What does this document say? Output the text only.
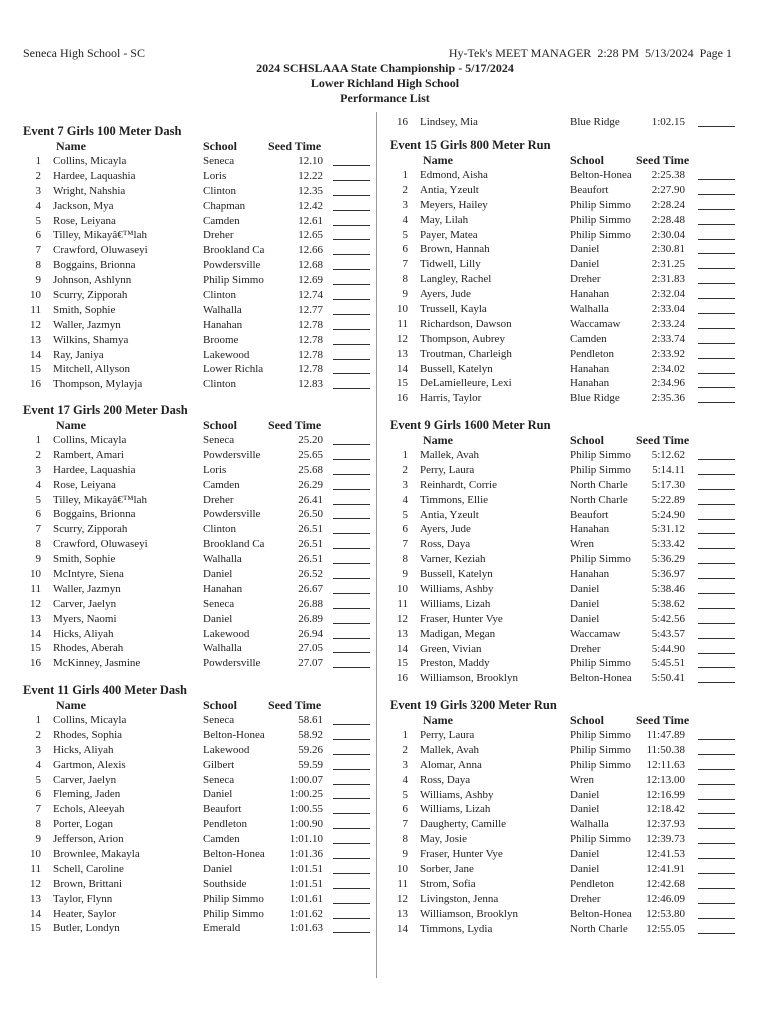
Seneca High School - SC	Hy-Tek's MEET MANAGER  2:28 PM  5/13/2024  Page 1
2024 SCHSLAAA State Championship - 5/17/2024
Lower Richland High School
Performance List
Event 7 Girls 100 Meter Dash
Name	School	Seed Time
1 Collins, Micayla	Seneca	12.10
2 Hardee, Laquashia	Loris	12.22
3 Wright, Nahshia	Clinton	12.35
4 Jackson, Mya	Chapman	12.42
5 Rose, Leiyana	Camden	12.61
6 Tilley, Mikayâ€™lah	Dreher	12.65
7 Crawford, Oluwaseyi	Brookland Ca	12.66
8 Boggains, Brionna	Powdersville	12.68
9 Johnson, Ashlynn	Philip Simmo	12.69
10 Scurry, Zipporah	Clinton	12.74
11 Smith, Sophie	Walhalla	12.77
12 Waller, Jazmyn	Hanahan	12.78
13 Wilkins, Shamya	Broome	12.78
14 Ray, Janiya	Lakewood	12.78
15 Mitchell, Allyson	Lower Richla	12.78
16 Thompson, Mylayja	Clinton	12.83
Event 17 Girls 200 Meter Dash
Name	School	Seed Time
1 Collins, Micayla	Seneca	25.20
2 Rambert, Amari	Powdersville	25.65
3 Hardee, Laquashia	Loris	25.68
4 Rose, Leiyana	Camden	26.29
5 Tilley, Mikayâ€™lah	Dreher	26.41
6 Boggains, Brionna	Powdersville	26.50
7 Scurry, Zipporah	Clinton	26.51
8 Crawford, Oluwaseyi	Brookland Ca	26.51
9 Smith, Sophie	Walhalla	26.51
10 McIntyre, Siena	Daniel	26.52
11 Waller, Jazmyn	Hanahan	26.67
12 Carver, Jaelyn	Seneca	26.88
13 Myers, Naomi	Daniel	26.89
14 Hicks, Aliyah	Lakewood	26.94
15 Rhodes, Aberah	Walhalla	27.05
16 McKinney, Jasmine	Powdersville	27.07
Event 11 Girls 400 Meter Dash
Name	School	Seed Time
1 Collins, Micayla	Seneca	58.61
2 Rhodes, Sophia	Belton-Honea	58.92
3 Hicks, Aliyah	Lakewood	59.26
4 Gartmon, Alexis	Gilbert	59.59
5 Carver, Jaelyn	Seneca	1:00.07
6 Fleming, Jaden	Daniel	1:00.25
7 Echols, Aleeyah	Beaufort	1:00.55
8 Porter, Logan	Pendleton	1:00.90
9 Jefferson, Arion	Camden	1:01.10
10 Brownlee, Makayla	Belton-Honea	1:01.36
11 Schell, Caroline	Daniel	1:01.51
12 Brown, Brittani	Southside	1:01.51
13 Taylor, Flynn	Philip Simmo	1:01.61
14 Heater, Saylor	Philip Simmo	1:01.62
15 Butler, Londyn	Emerald	1:01.63
16 Lindsey, Mia	Blue Ridge	1:02.15
Event 15 Girls 800 Meter Run
Name	School	Seed Time
1 Edmond, Aisha	Belton-Honea	2:25.38
2 Antia, Yzeult	Beaufort	2:27.90
3 Meyers, Hailey	Philip Simmo	2:28.24
4 May, Lilah	Philip Simmo	2:28.48
5 Payer, Matea	Philip Simmo	2:30.04
6 Brown, Hannah	Daniel	2:30.81
7 Tidwell, Lilly	Daniel	2:31.25
8 Langley, Rachel	Dreher	2:31.83
9 Ayers, Jude	Hanahan	2:32.04
10 Trussell, Kayla	Walhalla	2:33.04
11 Richardson, Dawson	Waccamaw	2:33.24
12 Thompson, Aubrey	Camden	2:33.74
13 Troutman, Charleigh	Pendleton	2:33.92
14 Bussell, Katelyn	Hanahan	2:34.02
15 DeLamielleure, Lexi	Hanahan	2:34.96
16 Harris, Taylor	Blue Ridge	2:35.36
Event 9 Girls 1600 Meter Run
Name	School	Seed Time
1 Mallek, Avah	Philip Simmo	5:12.62
2 Perry, Laura	Philip Simmo	5:14.11
3 Reinhardt, Corrie	North Charle	5:17.30
4 Timmons, Ellie	North Charle	5:22.89
5 Antia, Yzeult	Beaufort	5:24.90
6 Ayers, Jude	Hanahan	5:31.12
7 Ross, Daya	Wren	5:33.42
8 Varner, Keziah	Philip Simmo	5:36.29
9 Bussell, Katelyn	Hanahan	5:36.97
10 Williams, Ashby	Daniel	5:38.46
11 Williams, Lizah	Daniel	5:38.62
12 Fraser, Hunter Vye	Daniel	5:42.56
13 Madigan, Megan	Waccamaw	5:43.57
14 Green, Vivian	Dreher	5:44.90
15 Preston, Maddy	Philip Simmo	5:45.51
16 Williamson, Brooklyn	Belton-Honea	5:50.41
Event 19 Girls 3200 Meter Run
Name	School	Seed Time
1 Perry, Laura	Philip Simmo	11:47.89
2 Mallek, Avah	Philip Simmo	11:50.38
3 Alomar, Anna	Philip Simmo	12:11.63
4 Ross, Daya	Wren	12:13.00
5 Williams, Ashby	Daniel	12:16.99
6 Williams, Lizah	Daniel	12:18.42
7 Daugherty, Camille	Walhalla	12:37.93
8 May, Josie	Philip Simmo	12:39.73
9 Fraser, Hunter Vye	Daniel	12:41.53
10 Sorber, Jane	Daniel	12:41.91
11 Strom, Sofia	Pendleton	12:42.68
12 Livingston, Jenna	Dreher	12:46.09
13 Williamson, Brooklyn	Belton-Honea	12:53.80
14 Timmons, Lydia	North Charle	12:55.05
